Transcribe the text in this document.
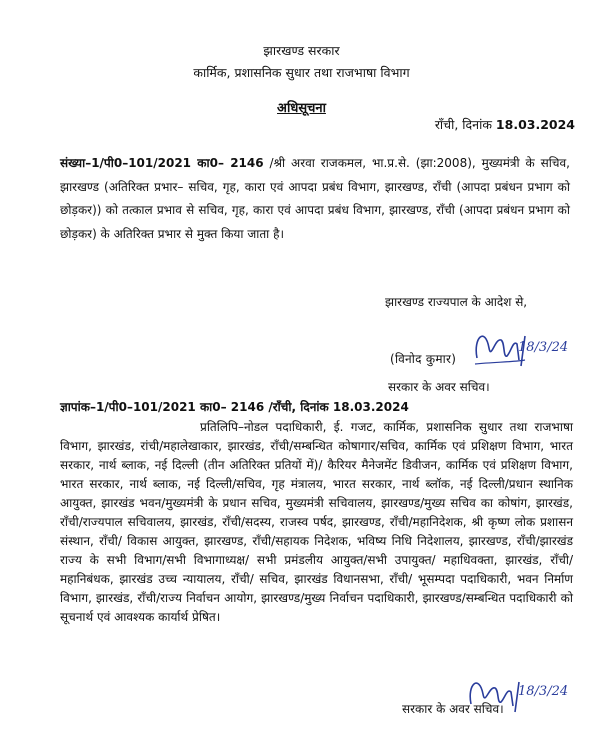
झारखण्ड सरकार
कार्मिक, प्रशासनिक सुधार तथा राजभाषा विभाग
अधिसूचना
राँची, दिनांक 18.03.2024

संख्या–1/पी0–101/2021 का0– 2146 /श्री अरवा राजकमल, भा.प्र.से. (झा:2008), मुख्यमंत्री के सचिव, झारखण्ड (अतिरिक्त प्रभार– सचिव, गृह, कारा एवं आपदा प्रबंध विभाग, झारखण्ड, राँची (आपदा प्रबंधन प्रभाग को छोड़कर)) को तत्काल प्रभाव से सचिव, गृह, कारा एवं आपदा प्रबंध विभाग, झारखण्ड, राँची (आपदा प्रबंधन प्रभाग को छोड़कर) के अतिरिक्त प्रभार से मुक्त किया जाता है।

झारखण्ड राज्यपाल के आदेश से,
18/3/24
(विनोद कुमार)
सरकार के अवर सचिव।
ज्ञापांक–1/पी0–101/2021 का0– 2146 /राँची, दिनांक 18.03.2024

प्रतिलिपि–नोडल पदाधिकारी, ई. गजट, कार्मिक, प्रशासनिक सुधार तथा राजभाषा विभाग, झारखंड, रांची/महालेखाकार, झारखंड, राँची/सम्बन्धित कोषागार/सचिव, कार्मिक एवं प्रशिक्षण विभाग, भारत सरकार, नार्थ ब्लाक, नई दिल्ली (तीन अतिरिक्त प्रतियों में)/ कैरियर मैनेजमेंट डिवीजन, कार्मिक एवं प्रशिक्षण विभाग, भारत सरकार, नार्थ ब्लाक, नई दिल्ली/सचिव, गृह मंत्रालय, भारत सरकार, नार्थ ब्लॉक, नई दिल्ली/प्रधान स्थानिक आयुक्त, झारखंड भवन/मुख्यमंत्री के प्रधान सचिव, मुख्यमंत्री सचिवालय, झारखण्ड/मुख्य सचिव का कोषांग, झारखंड, राँची/राज्यपाल सचिवालय, झारखंड, राँची/सदस्य, राजस्व पर्षद, झारखण्ड, राँची/महानिदेशक, श्री कृष्ण लोक प्रशासन संस्थान, राँची/ विकास आयुक्त, झारखण्ड, राँची/सहायक निदेशक, भविष्य निधि निदेशालय, झारखण्ड, राँची/झारखंड राज्य के सभी विभाग/सभी विभागाध्यक्ष/ सभी प्रमंडलीय आयुक्त/सभी उपायुक्त/ महाधिवक्ता, झारखंड, राँची/महानिबंधक, झारखंड उच्च न्यायालय, राँची/ सचिव, झारखंड विधानसभा, राँची/ भूसम्पदा पदाधिकारी, भवन निर्माण विभाग, झारखंड, राँची/राज्य निर्वाचन आयोग, झारखण्ड/मुख्य निर्वाचन पदाधिकारी, झारखण्ड/सम्बन्धित पदाधिकारी को सूचनार्थ एवं आवश्यक कार्यार्थ प्रेषित।

18/3/24
सरकार के अवर सचिव।
